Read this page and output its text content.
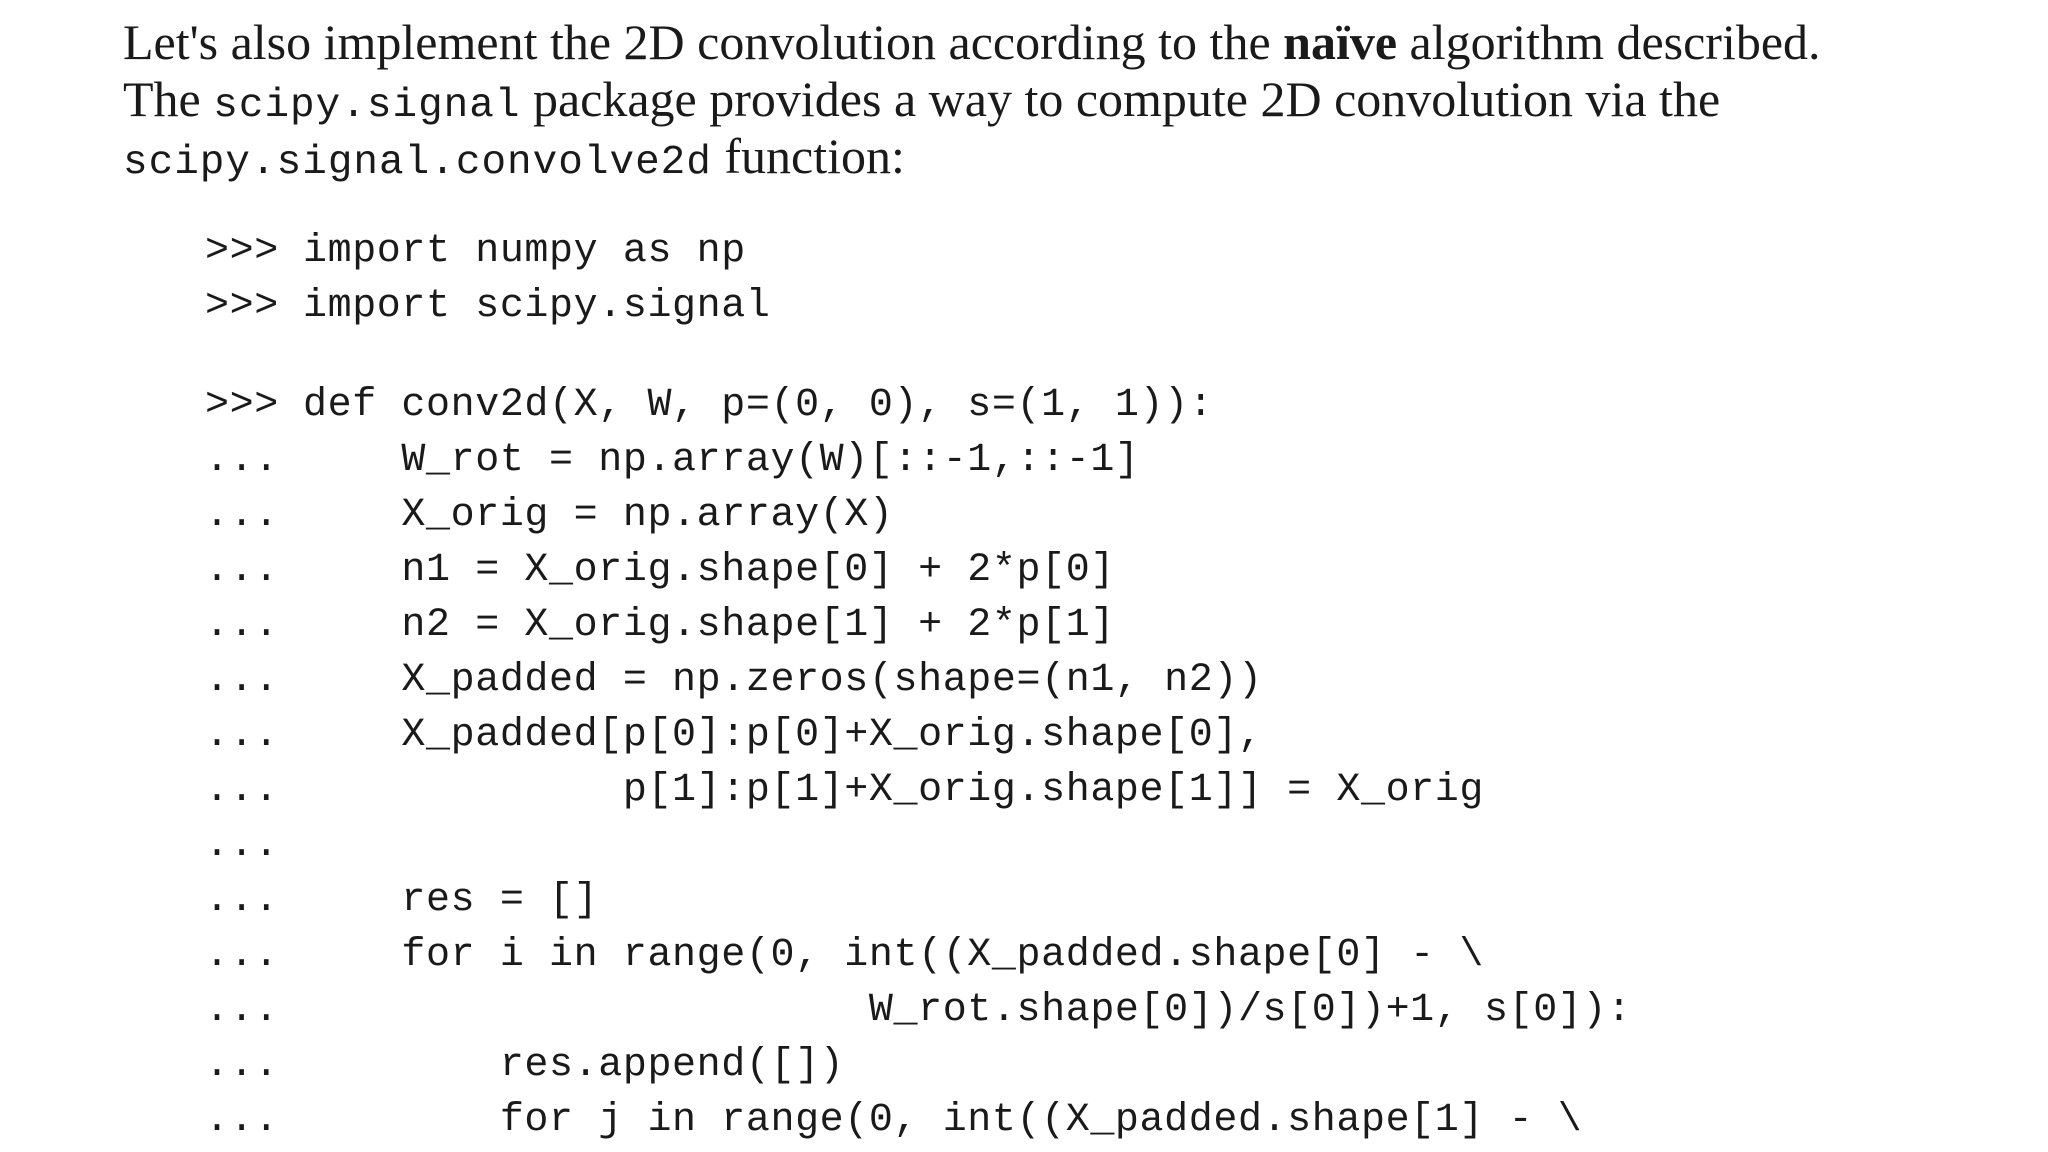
Let's also implement the 2D convolution according to the naïve algorithm described.
The scipy.signal package provides a way to compute 2D convolution via the
scipy.signal.convolve2d function:

>>> import numpy as np

>>> import scipy.signal

>>> def conv2d(X, W, p=(0, 0), s=(1, 1)):

...    W_rot = np.array(W)[::-1,::-1]

...    X_orig = np.array(X)

...    n1 = X_orig.shape[0] + 2*p[0]

...    n2 = X_orig.shape[1] + 2*p[1]

...    X_padded = np.zeros(shape=(n1, n2))

...    X_padded[p[0]:p[0]+X_orig.shape[0],

...             p[1]:p[1]+X_orig.shape[1]] = X_orig

...

...    res = []

...    for i in range(0, int((X_padded.shape[0] - \

...                       W_rot.shape[0])/s[0])+1, s[0]):

...        res.append([])

...        for j in range(0, int((X_padded.shape[1] - \
